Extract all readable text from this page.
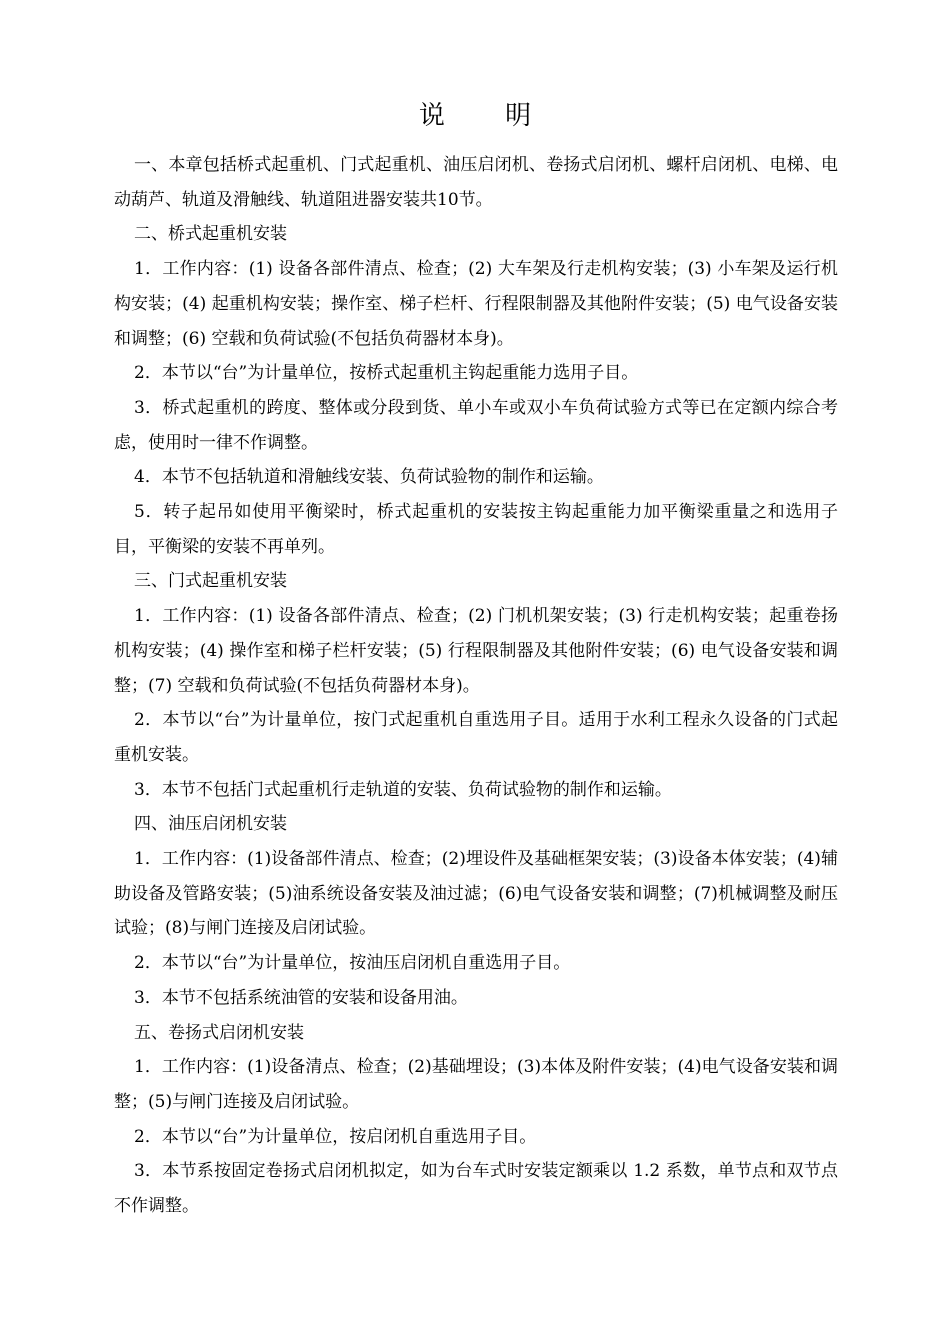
说 明

一、本章包括桥式起重机、门式起重机、油压启闭机、卷扬式启闭机、螺杆启闭机、电梯、电动葫芦、轨道及滑触线、轨道阻进器安装共10节。

二、桥式起重机安装

1．工作内容：(1) 设备各部件清点、检查；(2) 大车架及行走机构安装；(3) 小车架及运行机构安装；(4) 起重机构安装；操作室、梯子栏杆、行程限制器及其他附件安装；(5) 电气设备安装和调整；(6) 空载和负荷试验(不包括负荷器材本身)。

2．本节以“台”为计量单位，按桥式起重机主钩起重能力选用子目。

3．桥式起重机的跨度、整体或分段到货、单小车或双小车负荷试验方式等已在定额内综合考虑，使用时一律不作调整。

4．本节不包括轨道和滑触线安装、负荷试验物的制作和运输。

5．转子起吊如使用平衡梁时，桥式起重机的安装按主钩起重能力加平衡梁重量之和选用子目，平衡梁的安装不再单列。

三、门式起重机安装

1．工作内容：(1) 设备各部件清点、检查；(2) 门机机架安装；(3) 行走机构安装；起重卷扬机构安装；(4) 操作室和梯子栏杆安装；(5) 行程限制器及其他附件安装；(6) 电气设备安装和调整；(7) 空载和负荷试验(不包括负荷器材本身)。

2．本节以“台”为计量单位，按门式起重机自重选用子目。适用于水利工程永久设备的门式起重机安装。

3．本节不包括门式起重机行走轨道的安装、负荷试验物的制作和运输。

四、油压启闭机安装

1．工作内容：(1)设备部件清点、检查；(2)埋设件及基础框架安装；(3)设备本体安装；(4)辅助设备及管路安装；(5)油系统设备安装及油过滤；(6)电气设备安装和调整；(7)机械调整及耐压试验；(8)与闸门连接及启闭试验。

2．本节以“台”为计量单位，按油压启闭机自重选用子目。

3．本节不包括系统油管的安装和设备用油。

五、卷扬式启闭机安装

1．工作内容：(1)设备清点、检查；(2)基础埋设；(3)本体及附件安装；(4)电气设备安装和调整；(5)与闸门连接及启闭试验。

2．本节以“台”为计量单位，按启闭机自重选用子目。

3．本节系按固定卷扬式启闭机拟定，如为台车式时安装定额乘以 1.2 系数，单节点和双节点不作调整。
